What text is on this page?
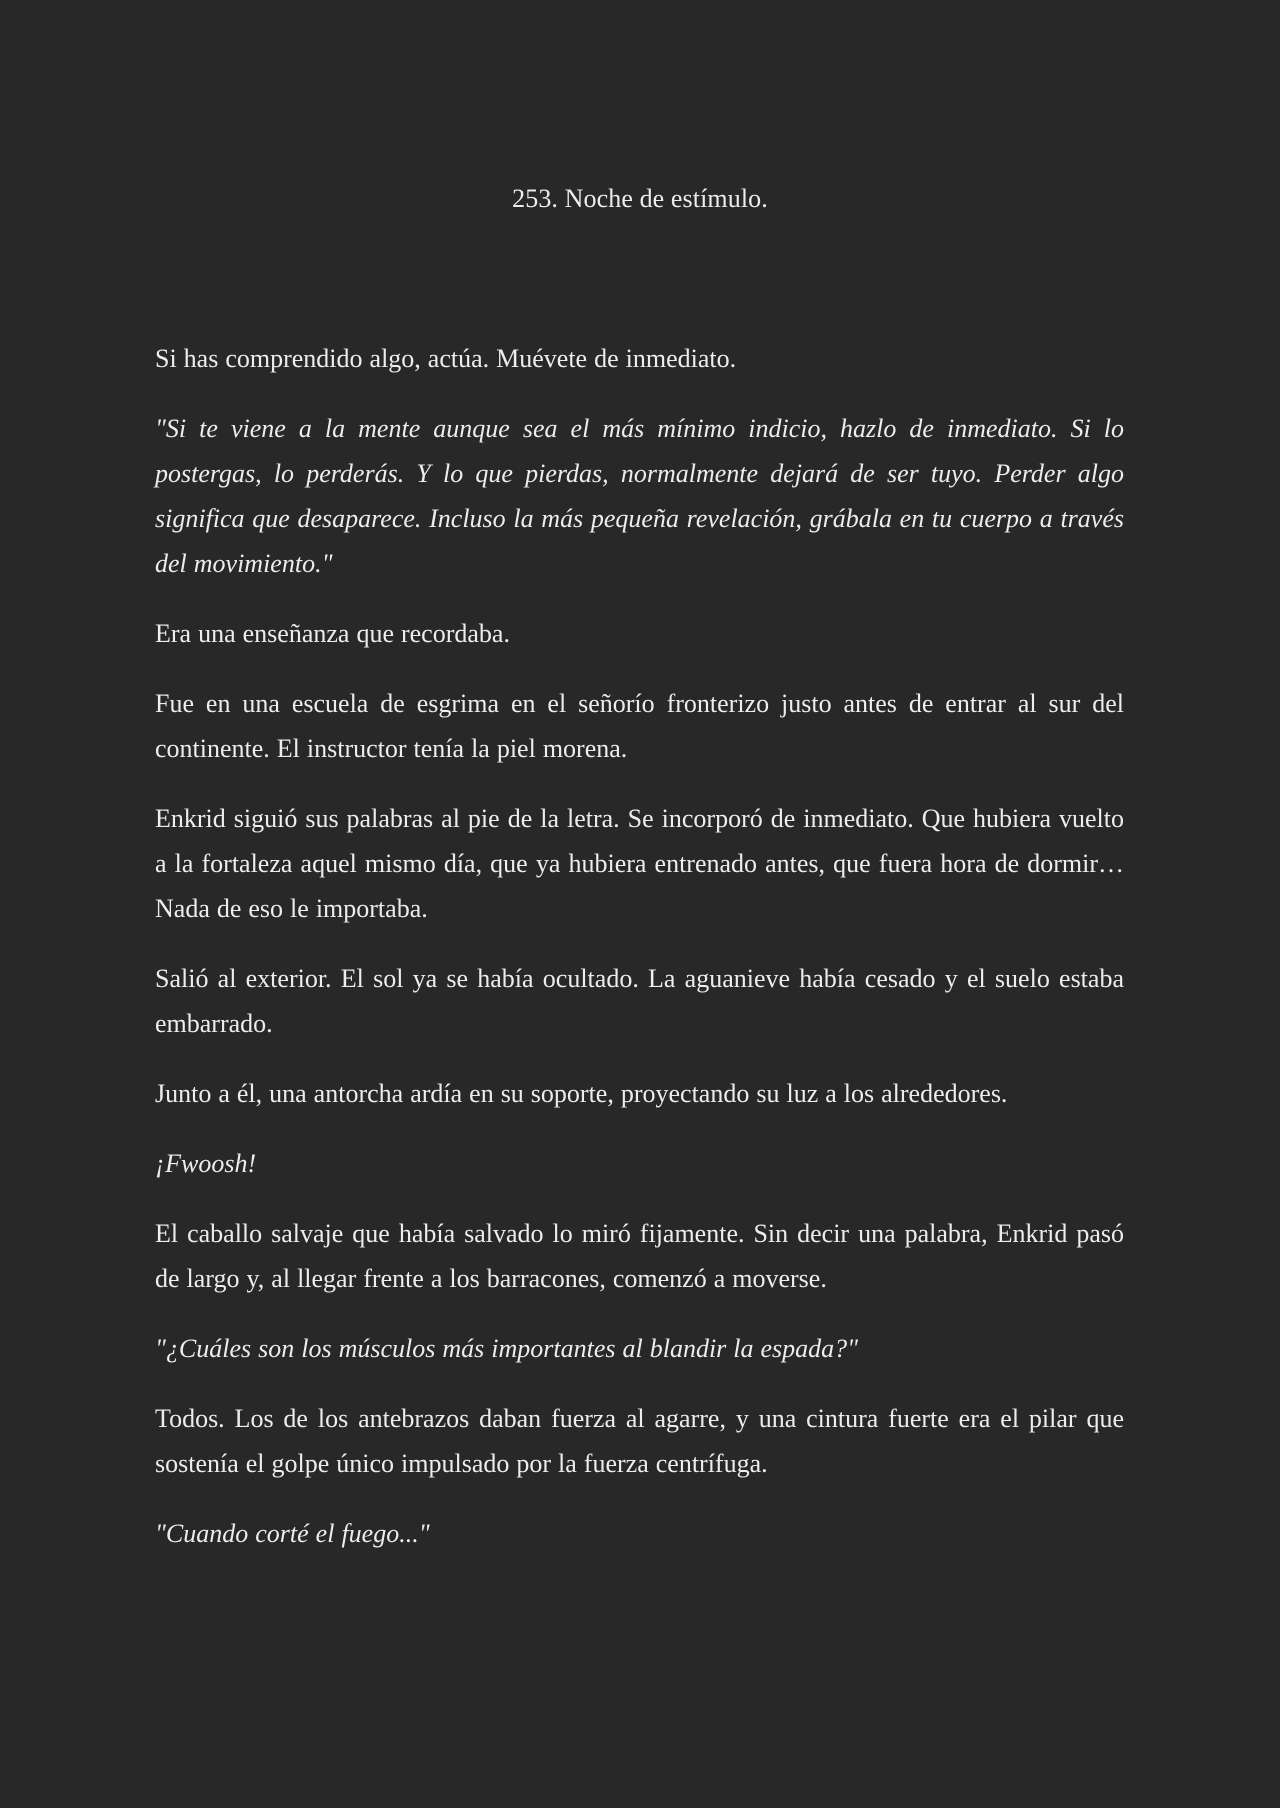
253. Noche de estímulo.

Si has comprendido algo, actúa. Muévete de inmediato.

"Si te viene a la mente aunque sea el más mínimo indicio, hazlo de inmediato. Si lo postergas, lo perderás. Y lo que pierdas, normalmente dejará de ser tuyo. Perder algo significa que desaparece. Incluso la más pequeña revelación, grábala en tu cuerpo a través del movimiento."

Era una enseñanza que recordaba.

Fue en una escuela de esgrima en el señorío fronterizo justo antes de entrar al sur del continente. El instructor tenía la piel morena.

Enkrid siguió sus palabras al pie de la letra. Se incorporó de inmediato. Que hubiera vuelto a la fortaleza aquel mismo día, que ya hubiera entrenado antes, que fuera hora de dormir… Nada de eso le importaba.

Salió al exterior. El sol ya se había ocultado. La aguanieve había cesado y el suelo estaba embarrado.

Junto a él, una antorcha ardía en su soporte, proyectando su luz a los alrededores.

¡Fwoosh!

El caballo salvaje que había salvado lo miró fijamente. Sin decir una palabra, Enkrid pasó de largo y, al llegar frente a los barracones, comenzó a moverse.

"¿Cuáles son los músculos más importantes al blandir la espada?"

Todos. Los de los antebrazos daban fuerza al agarre, y una cintura fuerte era el pilar que sostenía el golpe único impulsado por la fuerza centrífuga.

"Cuando corté el fuego..."
